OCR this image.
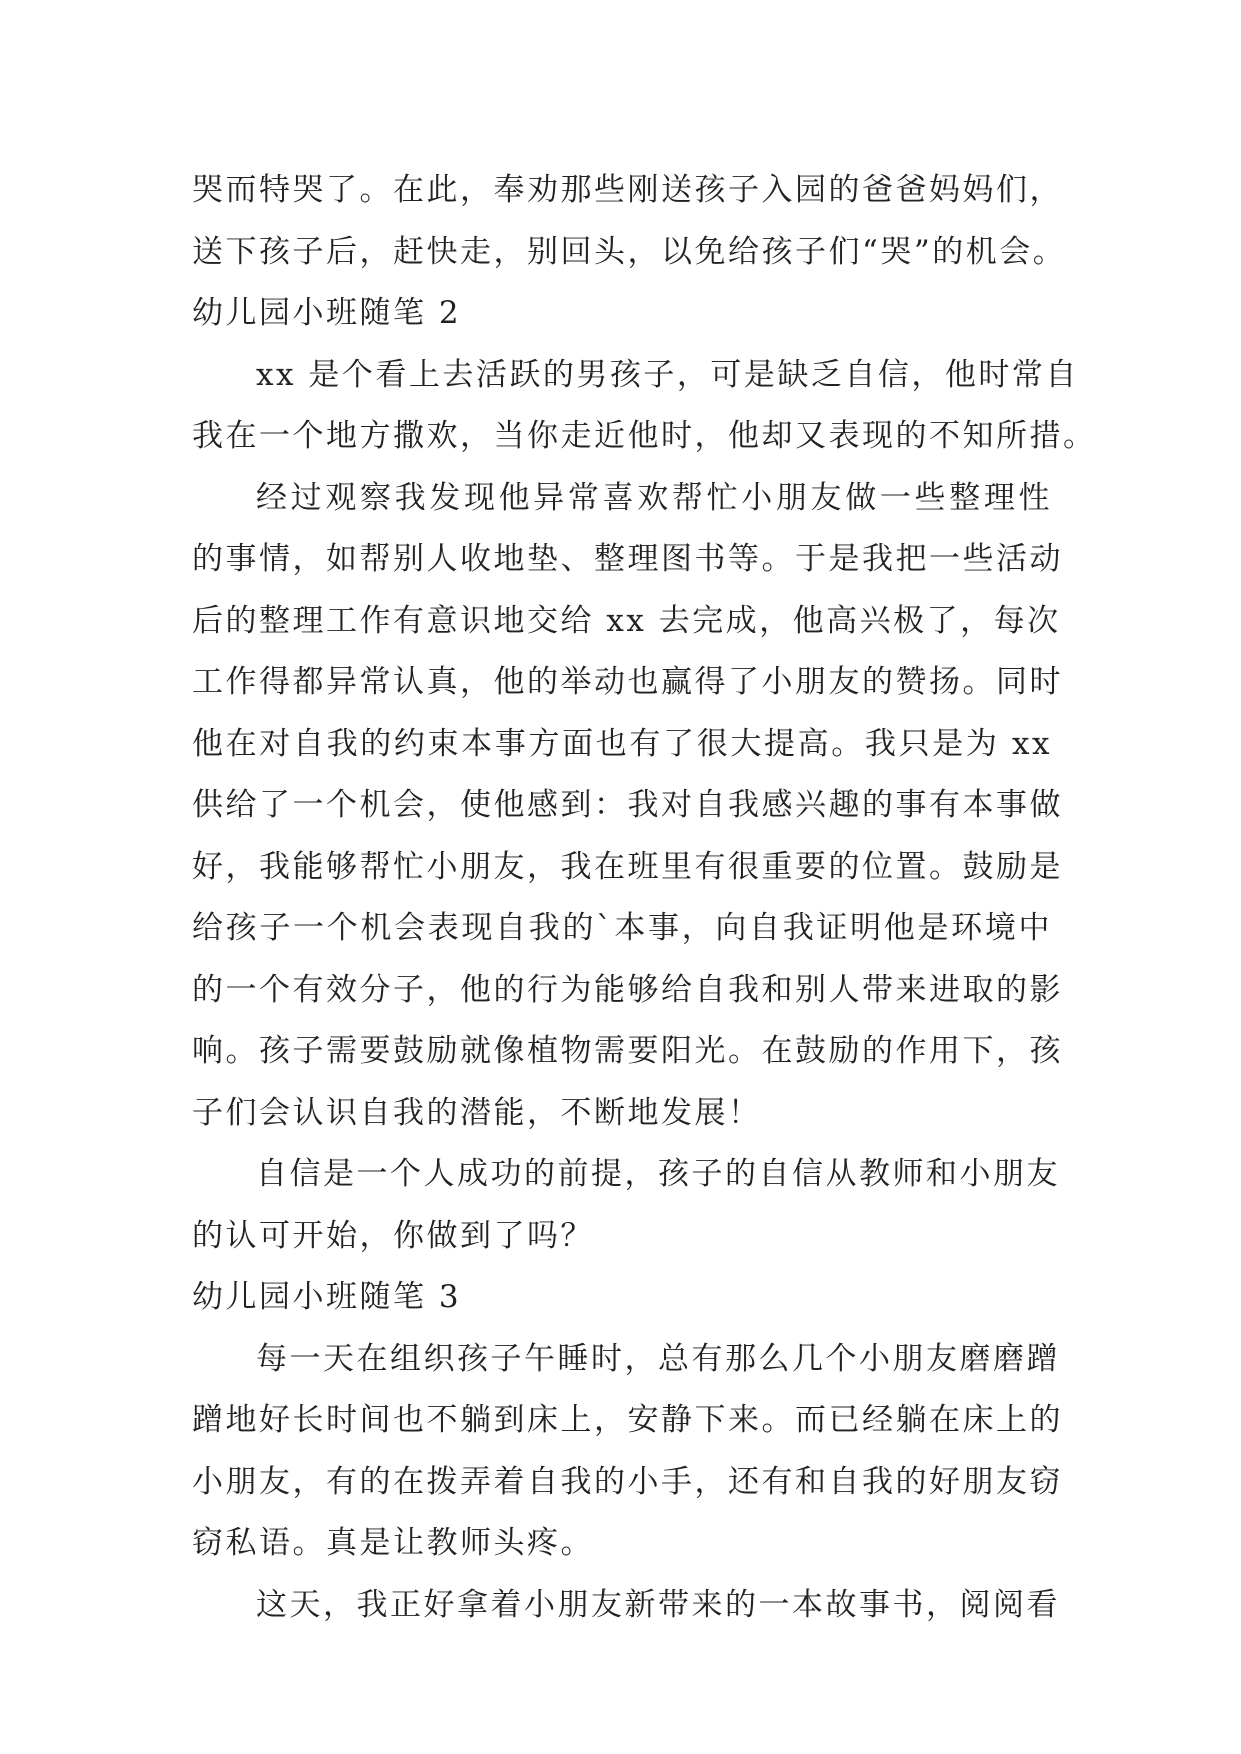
哭而特哭了。在此，奉劝那些刚送孩子入园的爸爸妈妈们，
送下孩子后，赶快走，别回头，以免给孩子们“哭”的机会。
幼儿园小班随笔 2
xx 是个看上去活跃的男孩子，可是缺乏自信，他时常自
我在一个地方撒欢，当你走近他时，他却又表现的不知所措。
经过观察我发现他异常喜欢帮忙小朋友做一些整理性
的事情，如帮别人收地垫、整理图书等。于是我把一些活动
后的整理工作有意识地交给 xx 去完成，他高兴极了，每次
工作得都异常认真，他的举动也赢得了小朋友的赞扬。同时
他在对自我的约束本事方面也有了很大提高。我只是为 xx
供给了一个机会，使他感到：我对自我感兴趣的事有本事做
好，我能够帮忙小朋友，我在班里有很重要的位置。鼓励是
给孩子一个机会表现自我的`本事，向自我证明他是环境中
的一个有效分子，他的行为能够给自我和别人带来进取的影
响。孩子需要鼓励就像植物需要阳光。在鼓励的作用下，孩
子们会认识自我的潜能，不断地发展！
自信是一个人成功的前提，孩子的自信从教师和小朋友
的认可开始，你做到了吗？
幼儿园小班随笔 3
每一天在组织孩子午睡时，总有那么几个小朋友磨磨蹭
蹭地好长时间也不躺到床上，安静下来。而已经躺在床上的
小朋友，有的在拨弄着自我的小手，还有和自我的好朋友窃
窃私语。真是让教师头疼。
这天，我正好拿着小朋友新带来的一本故事书，阅阅看
